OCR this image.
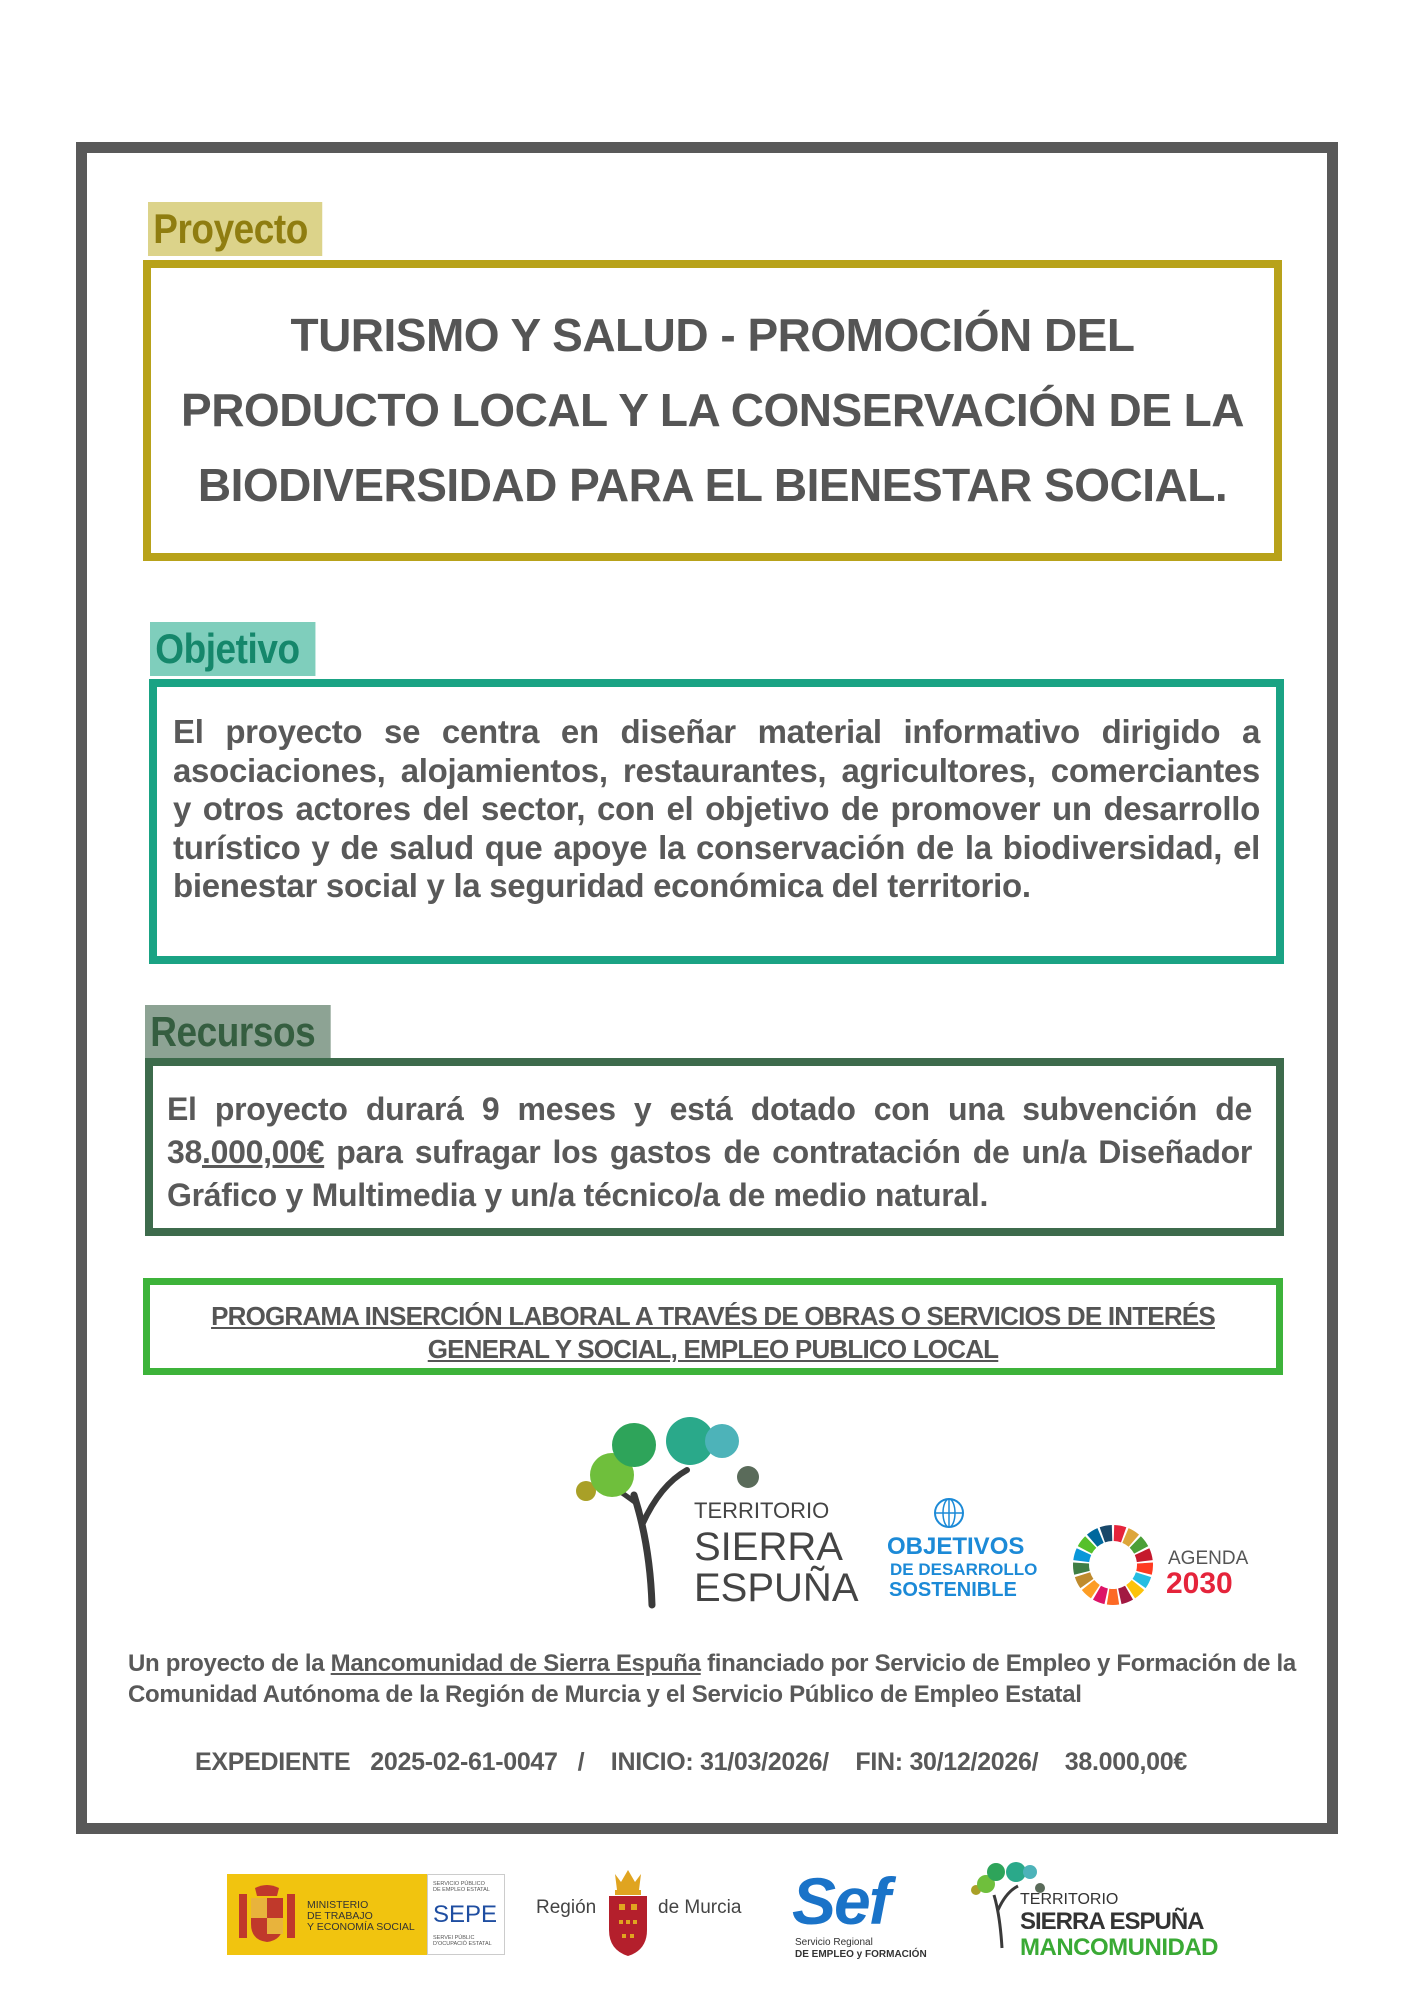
Proyecto
TURISMO Y SALUD - PROMOCIÓN DEL
PRODUCTO LOCAL Y LA CONSERVACIÓN DE LA
BIODIVERSIDAD PARA EL BIENESTAR SOCIAL.
Objetivo
El proyecto se centra en diseñar material informativo dirigido a asociaciones, alojamientos, restaurantes, agricultores, comerciantes y otros actores del sector, con el objetivo de promover un desarrollo turístico y de salud que apoye la conservación de la biodiversidad, el bienestar social y la seguridad económica del territorio.
Recursos
El proyecto durará 9 meses y está dotado con una subvención de 38.000,00€ para sufragar los gastos de contratación de un/a Diseñador Gráfico y Multimedia y un/a técnico/a de medio natural.
PROGRAMA INSERCIÓN LABORAL A TRAVÉS DE OBRAS O SERVICIOS DE INTERÉS GENERAL Y SOCIAL, EMPLEO PUBLICO LOCAL
TERRITORIO
SIERRA
ESPUÑA
OBJETIVOS
DE DESARROLLO
SOSTENIBLE
AGENDA
2030
Un proyecto de la Mancomunidad de Sierra Espuña financiado por Servicio de Empleo y Formación de la Comunidad Autónoma de la Región de Murcia y el Servicio Público de Empleo Estatal
EXPEDIENTE   2025-02-61-0047   /    INICIO: 31/03/2026/    FIN: 30/12/2026/    38.000,00€
MINISTERIO
DE TRABAJO
Y ECONOMÍA SOCIAL
SERVICIO PÚBLICO
DE EMPLEO ESTATAL
SEPE
SERVEI PÚBLIC
D'OCUPACIÓ ESTATAL
Región	de Murcia Sef
Servicio Regional
DE EMPLEO y FORMACIÓN
TERRITORIO
SIERRA ESPUÑA
MANCOMUNIDAD
